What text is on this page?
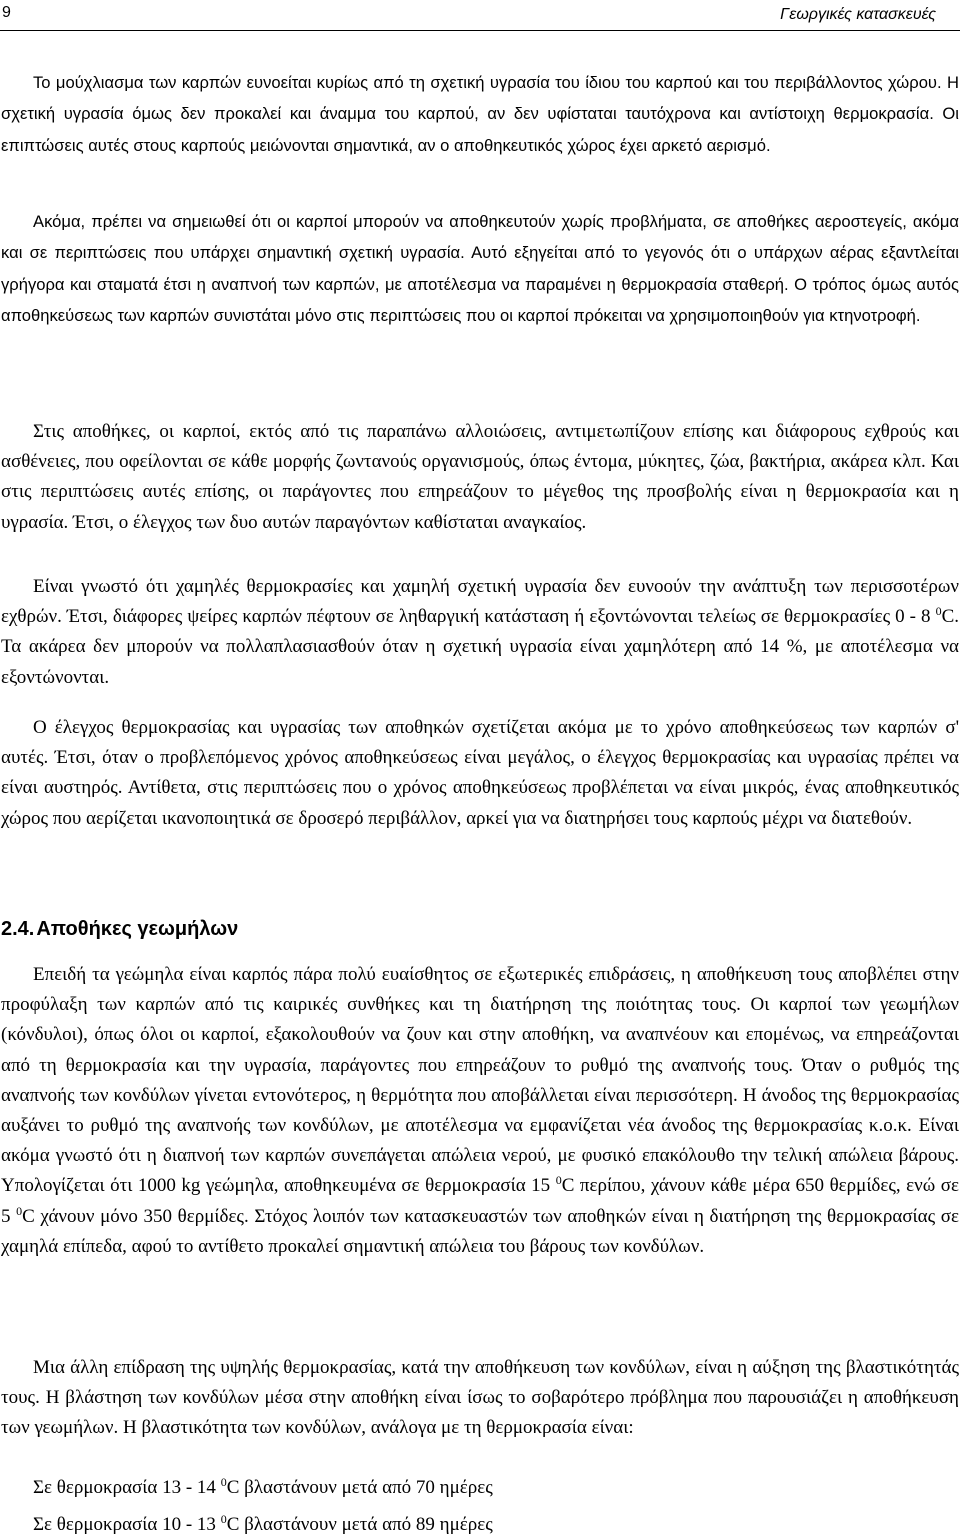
9	Γεωργικές κατασκευές

Το μούχλιασμα των καρπών ευνοείται κυρίως από τη σχετική υγρασία του ίδιου του καρπού και του περιβάλλοντος χώρου. Η σχετική υγρασία όμως δεν προκαλεί και άναμμα του καρπού, αν δεν υφίσταται ταυτόχρονα και αντίστοιχη θερμοκρασία. Οι επιπτώσεις αυτές στους καρπούς μειώνονται σημαντικά, αν ο αποθηκευτικός χώρος έχει αρκετό αερισμό.

Ακόμα, πρέπει να σημειωθεί ότι οι καρποί μπορούν να αποθηκευτούν χωρίς προβλήματα, σε αποθήκες αεροστεγείς, ακόμα και σε περιπτώσεις που υπάρχει σημαντική σχετική υγρασία. Αυτό εξηγείται από το γεγονός ότι ο υπάρχων αέρας εξαντλείται γρήγορα και σταματά έτσι η αναπνοή των καρπών, με αποτέλεσμα να παραμένει η θερμοκρασία σταθερή. Ο τρόπος όμως αυτός αποθηκεύσεως των καρπών συνιστάται μόνο στις περιπτώσεις που οι καρποί πρόκειται να χρησιμοποιηθούν για κτηνοτροφή.

Στις αποθήκες, οι καρποί, εκτός από τις παραπάνω αλλοιώσεις, αντιμετωπίζουν επίσης και διάφορους εχθρούς και ασθένειες, που οφείλονται σε κάθε μορφής ζωντανούς οργανισμούς, όπως έντομα, μύκητες, ζώα, βακτήρια, ακάρεα κλπ. Και στις περιπτώσεις αυτές επίσης, οι παράγοντες που επηρεάζουν το μέγεθος της προσβολής είναι η θερμοκρασία και η υγρασία. Έτσι, ο έλεγχος των δυο αυτών παραγόντων καθίσταται αναγκαίος.

Είναι γνωστό ότι χαμηλές θερμοκρασίες και χαμηλή σχετική υγρασία δεν ευνοούν την ανάπτυξη των περισσοτέρων εχθρών. Έτσι, διάφορες ψείρες καρπών πέφτουν σε ληθαργική κατάσταση ή εξοντώνονται τελείως σε θερμοκρασίες 0 - 8 $^0$C. Τα ακάρεα δεν μπορούν να πολλαπλασιασθούν όταν η σχετική υγρασία είναι χαμηλότερη από 14 %, με αποτέλεσμα να εξοντώνονται.

Ο έλεγχος θερμοκρασίας και υγρασίας των αποθηκών σχετίζεται ακόμα με το χρόνο αποθηκεύσεως των καρπών σ' αυτές. Έτσι, όταν ο προβλεπόμενος χρόνος αποθηκεύσεως είναι μεγάλος, ο έλεγχος θερμοκρασίας και υγρασίας πρέπει να είναι αυστηρός. Αντίθετα, στις περιπτώσεις που ο χρόνος αποθηκεύσεως προβλέπεται να είναι μικρός, ένας αποθηκευτικός χώρος που αερίζεται ικανοποιητικά σε δροσερό περιβάλλον, αρκεί για να διατηρήσει τους καρπούς μέχρι να διατεθούν.

2.4. Αποθήκες γεωμήλων

Επειδή τα γεώμηλα είναι καρπός πάρα πολύ ευαίσθητος σε εξωτερικές επιδράσεις, η αποθήκευση τους αποβλέπει στην προφύλαξη των καρπών από τις καιρικές συνθήκες και τη διατήρηση της ποιότητας τους. Οι καρποί των γεωμήλων (κόνδυλοι), όπως όλοι οι καρποί, εξακολουθούν να ζουν και στην αποθήκη, να αναπνέουν και επομένως, να επηρεάζονται από τη θερμοκρασία και την υγρασία, παράγοντες που επηρεάζουν το ρυθμό της αναπνοής τους. Όταν ο ρυθμός της αναπνοής των κονδύλων γίνεται εντονότερος, η θερμότητα που αποβάλλεται είναι περισσότερη. Η άνοδος της θερμοκρασίας αυξάνει το ρυθμό της αναπνοής των κονδύλων, με αποτέλεσμα να εμφανίζεται νέα άνοδος της θερμοκρασίας κ.ο.κ. Είναι ακόμα γνωστό ότι η διαπνοή των καρπών συνεπάγεται απώλεια νερού, με φυσικό επακόλουθο την τελική απώλεια βάρους. Υπολογίζεται ότι 1000 kg γεώμηλα, αποθηκευμένα σε θερμοκρασία 15 $^0$C περίπου, χάνουν κάθε μέρα 650 θερμίδες, ενώ σε 5 $^0$C χάνουν μόνο 350 θερμίδες. Στόχος λοιπόν των κατασκευαστών των αποθηκών είναι η διατήρηση της θερμοκρασίας σε χαμηλά επίπεδα, αφού το αντίθετο προκαλεί σημαντική απώλεια του βάρους των κονδύλων.

Μια άλλη επίδραση της υψηλής θερμοκρασίας, κατά την αποθήκευση των κονδύλων, είναι η αύξηση της βλαστικότητάς τους. Η βλάστηση των κονδύλων μέσα στην αποθήκη είναι ίσως το σοβαρότερο πρόβλημα που παρουσιάζει η αποθήκευση των γεωμήλων. Η βλαστικότητα των κονδύλων, ανάλογα με τη θερμοκρασία είναι:

Σε θερμοκρασία 13 - 14 $^0$C βλαστάνουν μετά από 70 ημέρες
Σε θερμοκρασία 10 - 13 $^0$C βλαστάνουν μετά από 89 ημέρες
